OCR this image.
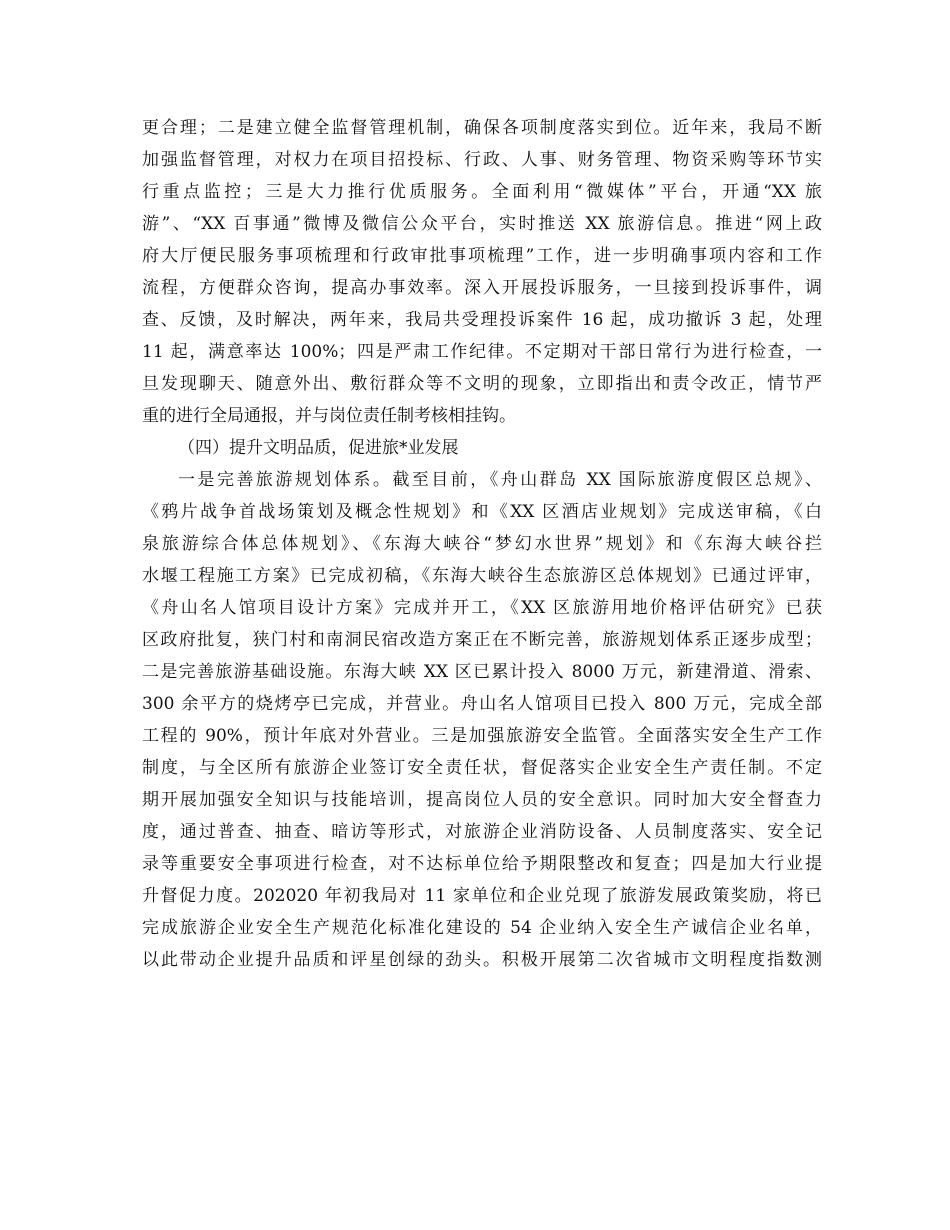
更合理；二是建立健全监督管理机制，确保各项制度落实到位。近年来，我局不断
加强监督管理，对权力在项目招投标、行政、人事、财务管理、物资采购等环节实
行重点监控；三是大力推行优质服务。全面利用“微媒体”平台，开通“XX 旅
游”、“XX 百事通”微博及微信公众平台，实时推送 XX 旅游信息。推进“网上政
府大厅便民服务事项梳理和行政审批事项梳理”工作，进一步明确事项内容和工作
流程，方便群众咨询，提高办事效率。深入开展投诉服务，一旦接到投诉事件，调
查、反馈，及时解决，两年来，我局共受理投诉案件 16 起，成功撤诉 3 起，处理
11 起，满意率达 100%；四是严肃工作纪律。不定期对干部日常行为进行检查，一
旦发现聊天、随意外出、敷衍群众等不文明的现象，立即指出和责令改正，情节严
重的进行全局通报，并与岗位责任制考核相挂钩。
（四）提升文明品质，促进旅*业发展
一是完善旅游规划体系。截至目前，《舟山群岛 XX 国际旅游度假区总规》、
《鸦片战争首战场策划及概念性规划》和《XX 区酒店业规划》完成送审稿，《白
泉旅游综合体总体规划》、《东海大峡谷“梦幻水世界”规划》和《东海大峡谷拦
水堰工程施工方案》已完成初稿，《东海大峡谷生态旅游区总体规划》已通过评审，
《舟山名人馆项目设计方案》完成并开工，《XX 区旅游用地价格评估研究》已获
区政府批复，狭门村和南洞民宿改造方案正在不断完善，旅游规划体系正逐步成型；
二是完善旅游基础设施。东海大峡 XX 区已累计投入 8000 万元，新建滑道、滑索、
300 余平方的烧烤亭已完成，并营业。舟山名人馆项目已投入 800 万元，完成全部
工程的 90%，预计年底对外营业。三是加强旅游安全监管。全面落实安全生产工作
制度，与全区所有旅游企业签订安全责任状，督促落实企业安全生产责任制。不定
期开展加强安全知识与技能培训，提高岗位人员的安全意识。同时加大安全督查力
度，通过普查、抽查、暗访等形式，对旅游企业消防设备、人员制度落实、安全记
录等重要安全事项进行检查，对不达标单位给予期限整改和复查；四是加大行业提
升督促力度。202020 年初我局对 11 家单位和企业兑现了旅游发展政策奖励，将已
完成旅游企业安全生产规范化标准化建设的 54 企业纳入安全生产诚信企业名单，
以此带动企业提升品质和评星创绿的劲头。积极开展第二次省城市文明程度指数测
